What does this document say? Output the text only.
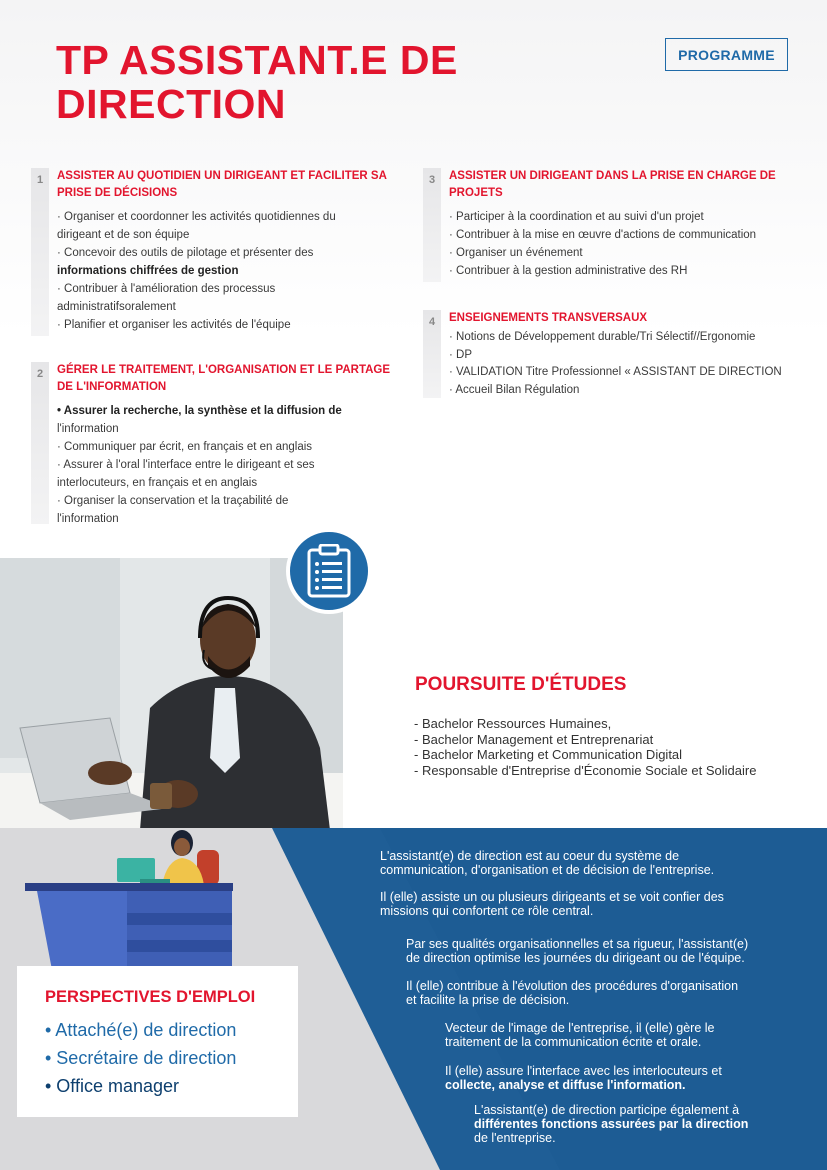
TP ASSISTANT.E DE
DIRECTION
PROGRAMME
1	ASSISTER AU QUOTIDIEN UN DIRIGEANT ET FACILITER SA
PRISE DE DÉCISIONS
· Organiser et coordonner les activités quotidiennes du
dirigeant et de son équipe
· Concevoir des outils de pilotage et présenter des
informations chiffrées de gestion
· Contribuer à l'amélioration des processus
administratifsoralement
· Planifier et organiser les activités de l'équipe
2	GÉRER LE TRAITEMENT, L'ORGANISATION ET LE PARTAGE
DE L'INFORMATION
• Assurer la recherche, la synthèse et la diffusion de
l'information
· Communiquer par écrit, en français et en anglais
· Assurer à l'oral l'interface entre le dirigeant et ses
interlocuteurs, en français et en anglais
· Organiser la conservation et la traçabilité de
l'information
3	ASSISTER UN DIRIGEANT DANS LA PRISE EN CHARGE DE
PROJETS
· Participer à la coordination et au suivi d'un projet
· Contribuer à la mise en œuvre d'actions de communication
· Organiser un événement
· Contribuer à la gestion administrative des RH
4	ENSEIGNEMENTS TRANSVERSAUX
· Notions de Développement durable/Tri Sélectif//Ergonomie
· DP
· VALIDATION Titre Professionnel « ASSISTANT DE DIRECTION
· Accueil Bilan Régulation
POURSUITE D'ÉTUDES
- Bachelor Ressources Humaines,
- Bachelor Management et Entreprenariat
- Bachelor Marketing et Communication Digital
- Responsable d'Entreprise d'Économie Sociale et Solidaire
PERSPECTIVES D'EMPLOI
• Attaché(e) de direction
• Secrétaire de direction
• Office manager
L'assistant(e) de direction est au coeur du système de
communication, d'organisation et de décision de l'entreprise.
Il (elle) assiste un ou plusieurs dirigeants et se voit confier des
missions qui confortent ce rôle central.
Par ses qualités organisationnelles et sa rigueur, l'assistant(e)
de direction optimise les journées du dirigeant ou de l'équipe.
Il (elle) contribue à l'évolution des procédures d'organisation
et facilite la prise de décision.
Vecteur de l'image de l'entreprise, il (elle) gère le
traitement de la communication écrite et orale.
Il (elle) assure l'interface avec les interlocuteurs et
collecte, analyse et diffuse l'information.
L'assistant(e) de direction participe également à
différentes fonctions assurées par la direction
de l'entreprise.
